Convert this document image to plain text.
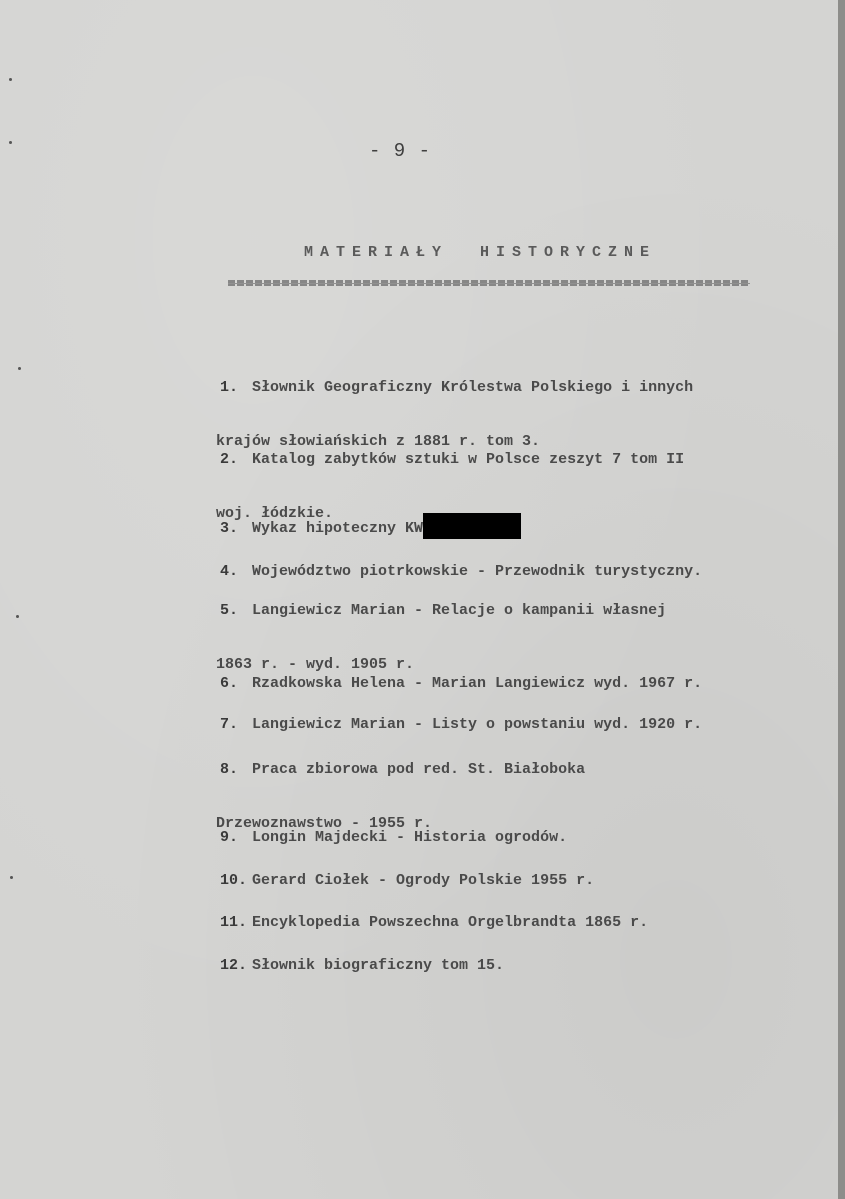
- 9 -
MATERIAŁY  HISTORYCZNE

1. Słownik Geograficzny Królestwa Polskiego i innych

krajów słowiańskich z 1881 r. tom 3.

2. Katalog zabytków sztuki w Polsce zeszyt 7 tom II

woj. łódzkie.

3. Wykaz hipoteczny KW

4. Województwo piotrkowskie - Przewodnik turystyczny.

5. Langiewicz Marian - Relacje o kampanii własnej

1863 r. - wyd. 1905 r.

6. Rzadkowska Helena - Marian Langiewicz wyd. 1967 r.

7. Langiewicz Marian - Listy o powstaniu wyd. 1920 r.

8. Praca zbiorowa pod red. St. Białoboka

Drzewoznawstwo - 1955 r.

9. Longin Majdecki - Historia ogrodów.

10. Gerard Ciołek - Ogrody Polskie 1955 r.

11. Encyklopedia Powszechna Orgelbrandta 1865 r.

12. Słownik biograficzny tom 15.
